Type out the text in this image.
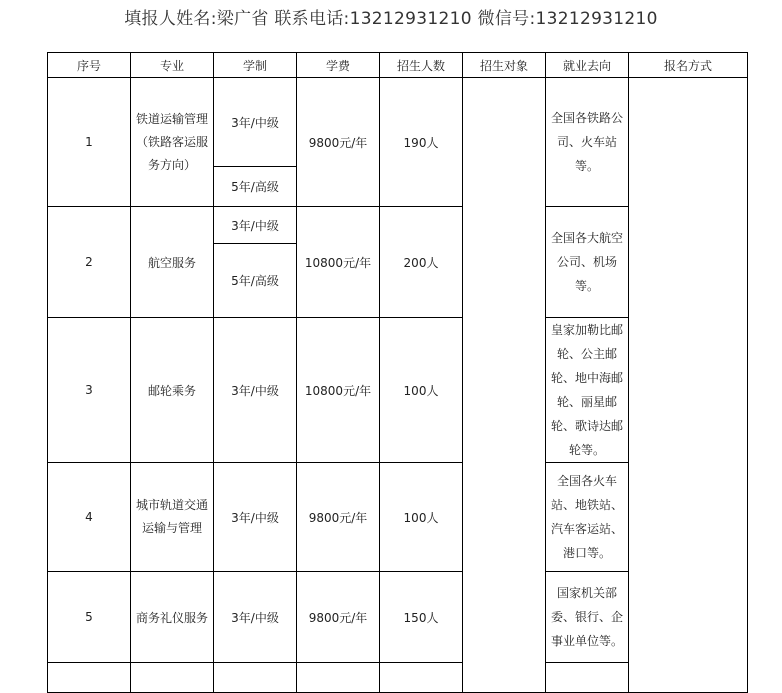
填报人姓名:梁广省 联系电话:13212931210 微信号:13212931210
序号	专业	学制	学费	招生人数	招生对象	就业去向	报名方式
1	铁道运输管理（铁路客运服务方向）	3年/中级	9800元/年	190人		全国各铁路公司、火车站等。	
		5年/高级					
2	航空服务	3年/中级	10800元/年	200人		全国各大航空公司、机场等。	
		5年/高级					
3	邮轮乘务	3年/中级	10800元/年	100人		皇家加勒比邮轮、公主邮轮、地中海邮轮、丽星邮轮、歌诗达邮轮等。	
4	城市轨道交通运输与管理	3年/中级	9800元/年	100人		全国各火车站、地铁站、汽车客运站、港口等。	
5	商务礼仪服务	3年/中级	9800元/年	150人		国家机关部委、银行、企事业单位等。	
